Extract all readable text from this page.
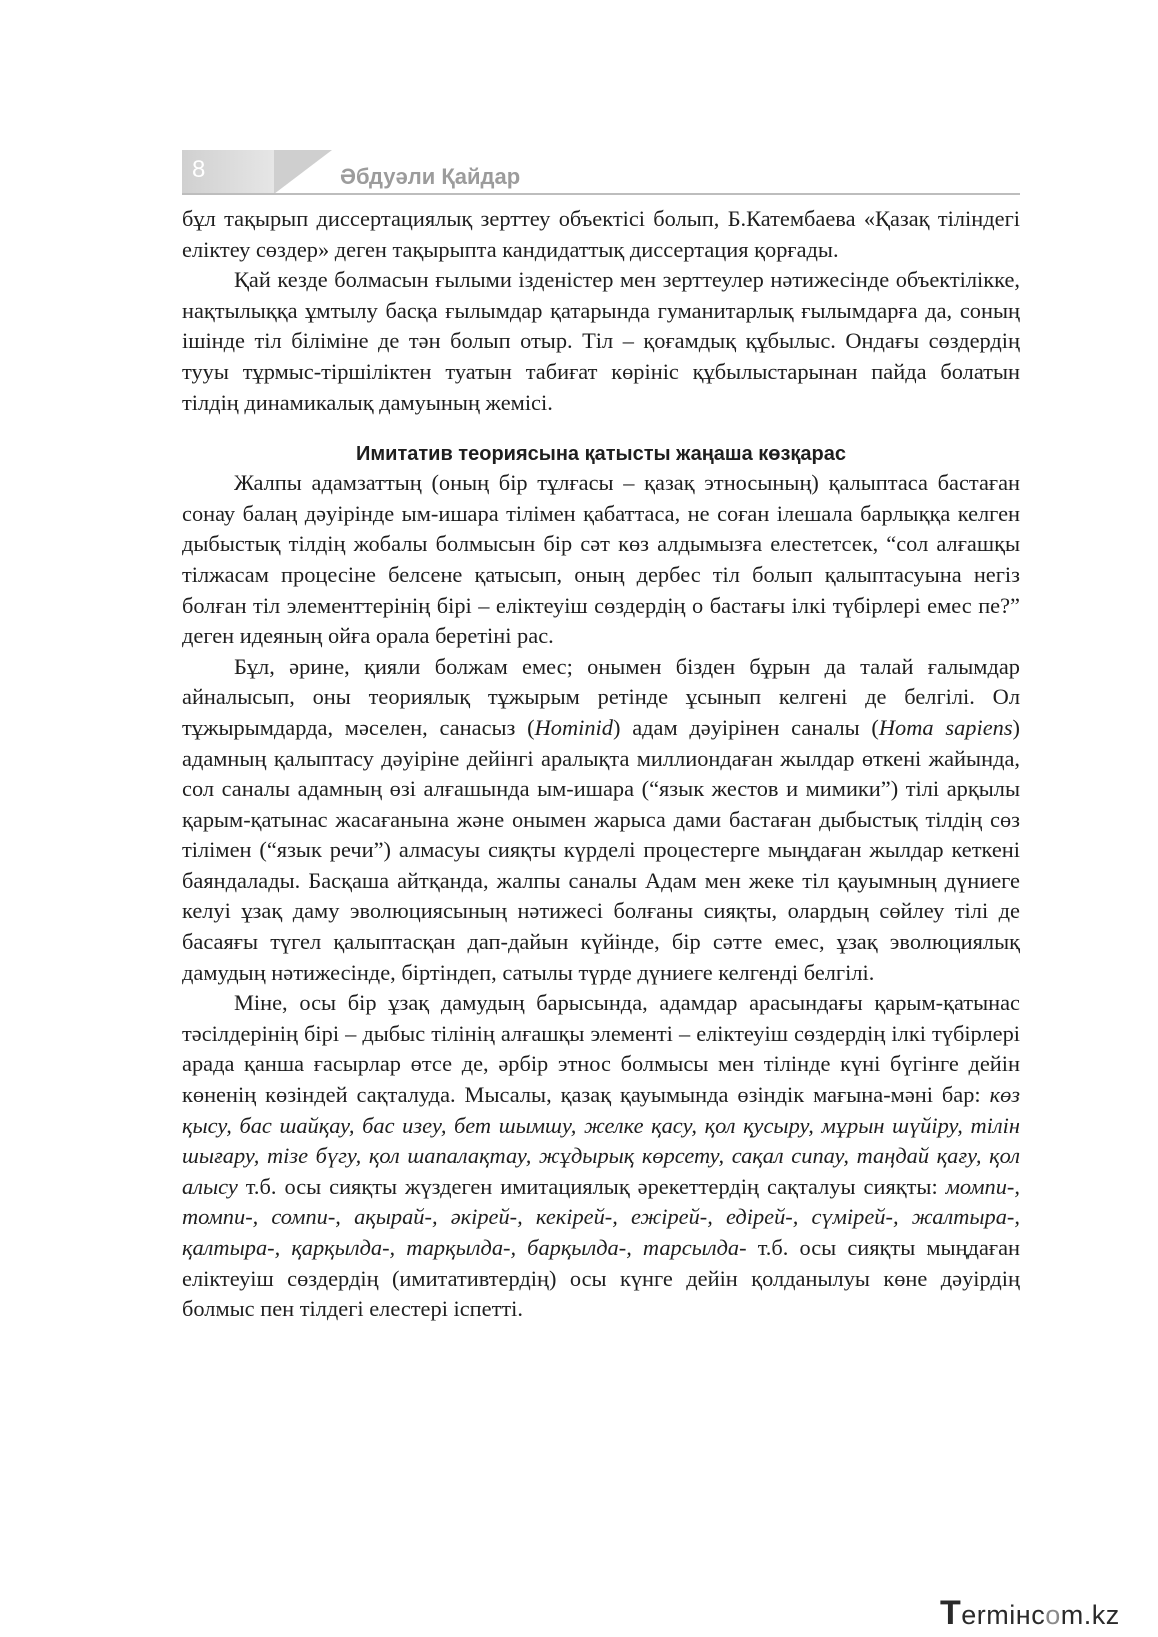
8	Әбдуәли Қайдар

бұл тақырып диссертациялық зерттеу объектісі болып, Б.Катембаева «Қазақ тіліндегі еліктеу сөздер» деген тақырыпта кандидаттық диссертация қорғады.

Қай кезде болмасын ғылыми ізденістер мен зерттеулер нәтижесінде объектілікке, нақтылыққа ұмтылу басқа ғылымдар қатарында гуманитарлық ғылымдарға да, соның ішінде тіл біліміне де тән болып отыр. Тіл – қоғамдық құбылыс. Ондағы сөздердің тууы тұрмыс-тіршіліктен туатын табиғат көрініс құбылыстарынан пайда болатын тілдің динамикалық дамуының жемісі.

Имитатив теориясына қатысты жаңаша көзқарас

Жалпы адамзаттың (оның бір тұлғасы – қазақ этносының) қалыптаса бастаған сонау балаң дәуірінде ым-ишара тілімен қабаттаса, не соған ілешала барлыққа келген дыбыстық тілдің жобалы болмысын бір сәт көз алдымызға елестетсек, “сол алғашқы тілжасам процесіне белсене қатысып, оның дербес тіл болып қалыптасуына негіз болған тіл элементтерінің бірі – еліктеуіш сөздердің о бастағы ілкі түбірлері емес пе?” деген идеяның ойға орала беретіні рас.

Бұл, әрине, қияли болжам емес; онымен бізден бұрын да талай ғалымдар айналысып, оны теориялық тұжырым ретінде ұсынып келгені де белгілі. Ол тұжырымдарда, мәселен, санасыз (Hominid) адам дәуірінен саналы (Homa sapiens) адамның қалыптасу дәуіріне дейінгі аралықта миллиондаған жылдар өткені жайында, сол саналы адамның өзі алғашында ым-ишара (“язык жестов и мимики”) тілі арқылы қарым-қатынас жасағанына және онымен жарыса дами бастаған дыбыстық тілдің сөз тілімен (“язык речи”) алмасуы сияқты күрделі процестерге мыңдаған жылдар кеткені баяндалады. Басқаша айтқанда, жалпы саналы Адам мен жеке тіл қауымның дүниеге келуі ұзақ даму эволюциясының нәтижесі болғаны сияқты, олардың сөйлеу тілі де басаяғы түгел қалыптасқан дап-дайын күйінде, бір сәтте емес, ұзақ эволюциялық дамудың нәтижесінде, біртіндеп, сатылы түрде дүниеге келгенді белгілі.

Міне, осы бір ұзақ дамудың барысында, адамдар арасындағы қарым-қатынас тәсілдерінің бірі – дыбыс тілінің алғашқы элементі – еліктеуіш сөздердің ілкі түбірлері арада қанша ғасырлар өтсе де, әрбір этнос болмысы мен тілінде күні бүгінге дейін көненің көзіндей сақталуда. Мысалы, қазақ қауымында өзіндік мағына-мәні бар: көз қысу, бас шайқау, бас изеу, бет шымшу, желке қасу, қол қусыру, мұрын шүйіру, тілін шығару, тізе бүгу, қол шапалақтау, жұдырық көрсету, сақал сипау, таңдай қағу, қол алысу т.б. осы сияқты жүздеген имитациялық әрекеттердің сақталуы сияқты: момпи-, томпи-, сомпи-, ақырай-, әкірей-, кекірей-, ежірей-, едірей-, сүмірей-, жалтыра-, қалтыра-, қарқылда-, тарқылда-, барқылда-, тарсылда- т.б. осы сияқты мыңдаған еліктеуіш сөздердің (имитативтердің) осы күнге дейін қолданылуы көне дәуірдің болмыс пен тілдегі елестері іспетті.

Termінcom.kz
